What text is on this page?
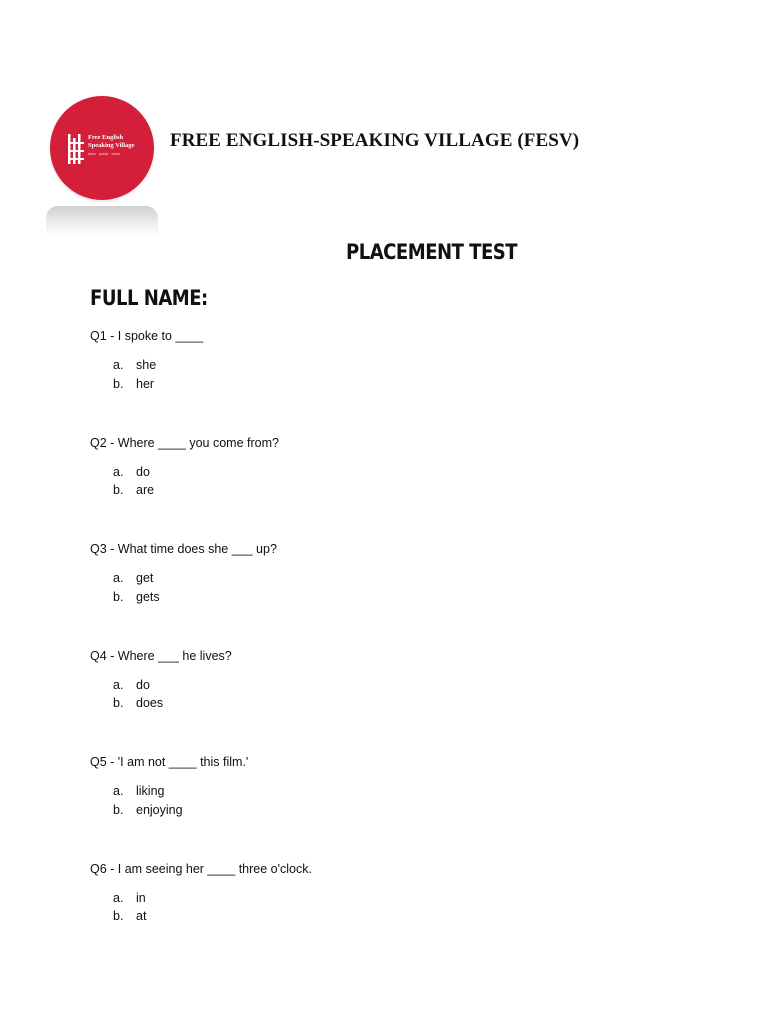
Free English
Speaking Village
learn · speak · share
FREE ENGLISH-SPEAKING VILLAGE (FESV)
PLACEMENT TEST
FULL NAME:
Q1 - I spoke to ____
a. she
b. her
Q2 - Where ____ you come from?
a. do
b. are
Q3 - What time does she ___ up?
a. get
b. gets
Q4 - Where ___ he lives?
a. do
b. does
Q5 - 'I am not ____ this film.'
a. liking
b. enjoying
Q6 - I am seeing her ____ three o'clock.
a. in
b. at
